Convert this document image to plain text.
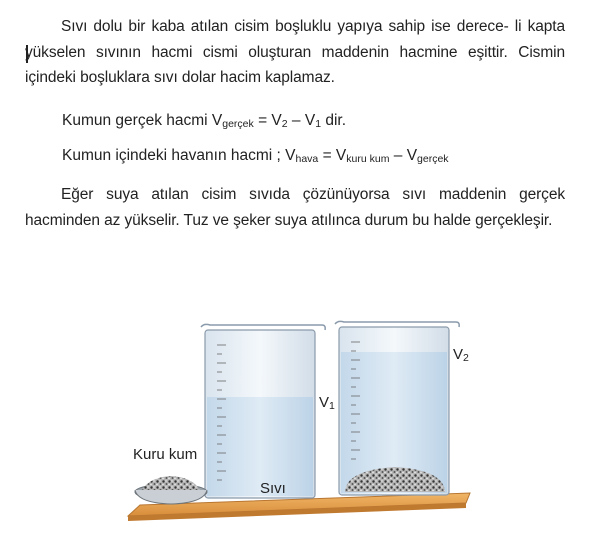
Sıvı dolu bir kaba atılan cisim boşluklu yapıya sahip ise derece- li kapta yükselen sıvının hacmi cismi oluşturan maddenin hacmine eşittir. Cismin içindeki boşluklara sıvı dolar hacim kaplamaz.
Kumun gerçek hacmi $V_{gerçek} = V_2 - V_1$ dir.
Kumun içindeki havanın hacmi ; $V_{hava} = V_{kuru kum} - V_{gerçek}$
Eğer suya atılan cisim sıvıda çözünüyorsa sıvı maddenin gerçek hacminden az yükselir. Tuz ve şeker suya atılınca durum bu halde gerçekleşir.
Kuru kum
Sıvı
$V_1$
$V_2$
